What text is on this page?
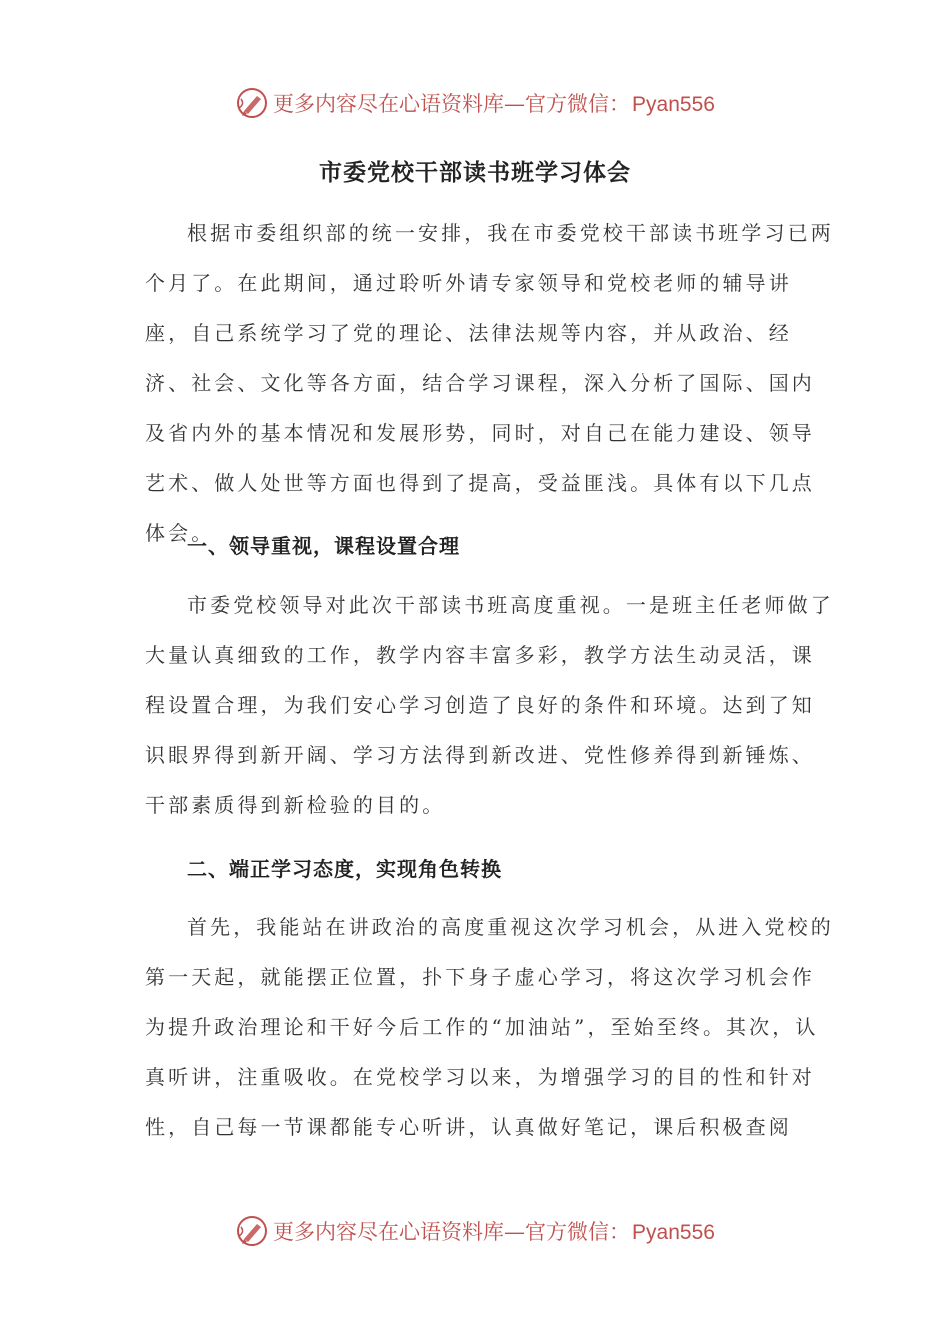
更多内容尽在心语资料库 — 官方微信： Pyan556
市委党校干部读书班学习体会

根据市委组织部的统一安排，我在市委党校干部读书班学习已两个月了。在此期间，通过聆听外请专家领导和党校老师的辅导讲座，自己系统学习了党的理论、法律法规等内容，并从政治、经济、社会、文化等各方面，结合学习课程，深入分析了国际、国内及省内外的基本情况和发展形势，同时，对自己在能力建设、领导艺术、做人处世等方面也得到了提高，受益匪浅。具体有以下几点体会。

一、领导重视，课程设置合理

市委党校领导对此次干部读书班高度重视。一是班主任老师做了大量认真细致的工作，教学内容丰富多彩，教学方法生动灵活，课程设置合理，为我们安心学习创造了良好的条件和环境。达到了知识眼界得到新开阔、学习方法得到新改进、党性修养得到新锤炼、干部素质得到新检验的目的。

二、端正学习态度，实现角色转换

首先，我能站在讲政治的高度重视这次学习机会，从进入党校的第一天起，就能摆正位置，扑下身子虚心学习，将这次学习机会作为提升政治理论和干好今后工作的“加油站”，至始至终。其次，认真听讲，注重吸收。在党校学习以来，为增强学习的目的性和针对性，自己每一节课都能专心听讲，认真做好笔记，课后积极查阅

更多内容尽在心语资料库 — 官方微信： Pyan556
